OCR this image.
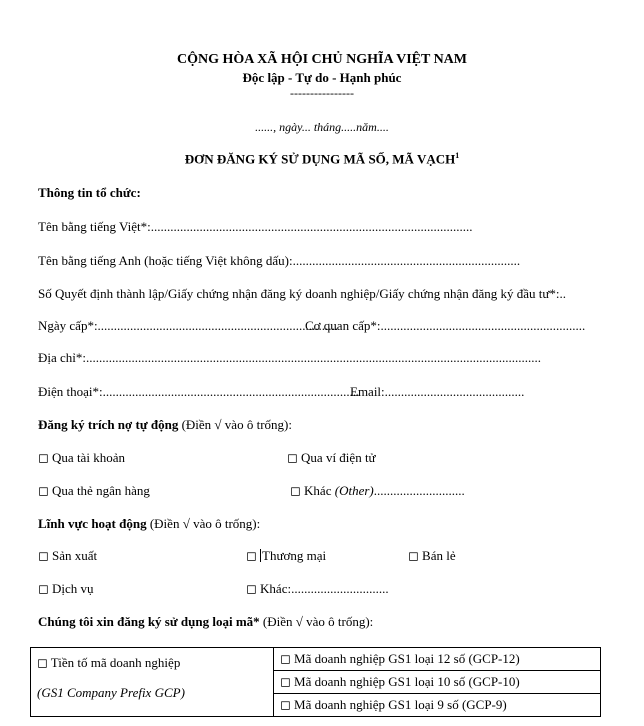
CỘNG HÒA XÃ HỘI CHỦ NGHĨA VIỆT NAM
Độc lập - Tự do - Hạnh phúc
----------------
......, ngày... tháng.....năm....
ĐƠN ĐĂNG KÝ SỬ DỤNG MÃ SỐ, MÃ VẠCH$^1$
Thông tin tổ chức:
Tên bằng tiếng Việt*:...................................................................................................
Tên bằng tiếng Anh (hoặc tiếng Việt không dấu):......................................................................
Số Quyết định thành lập/Giấy chứng nhận đăng ký doanh nghiệp/Giấy chứng nhận đăng ký đầu tư*:..
Ngày cấp*:..........................................................................
Cơ quan cấp*:...............................................................
Địa chỉ*:............................................................................................................................................
Điện thoại*:...............................................................................
Email:...........................................
Đăng ký trích nợ tự động (Điền √ vào ô trống):
◻ Qua tài khoản	◻ Qua ví điện tử
◻ Qua thẻ ngân hàng	◻ Khác (Other)............................
Lĩnh vực hoạt động (Điền √ vào ô trống):
◻ Sản xuất	◻ Thương mại	◻ Bán lẻ
◻ Dịch vụ	◻ Khác:..............................
Chúng tôi xin đăng ký sử dụng loại mã* (Điền √ vào ô trống):
◻ Tiền tố mã doanh nghiệp
(GS1 Company Prefix GCP)
	◻ Mã doanh nghiệp GS1 loại 12 số (GCP-12)
◻ Mã doanh nghiệp GS1 loại 10 số (GCP-10)
◻ Mã doanh nghiệp GS1 loại 9 số (GCP-9)
